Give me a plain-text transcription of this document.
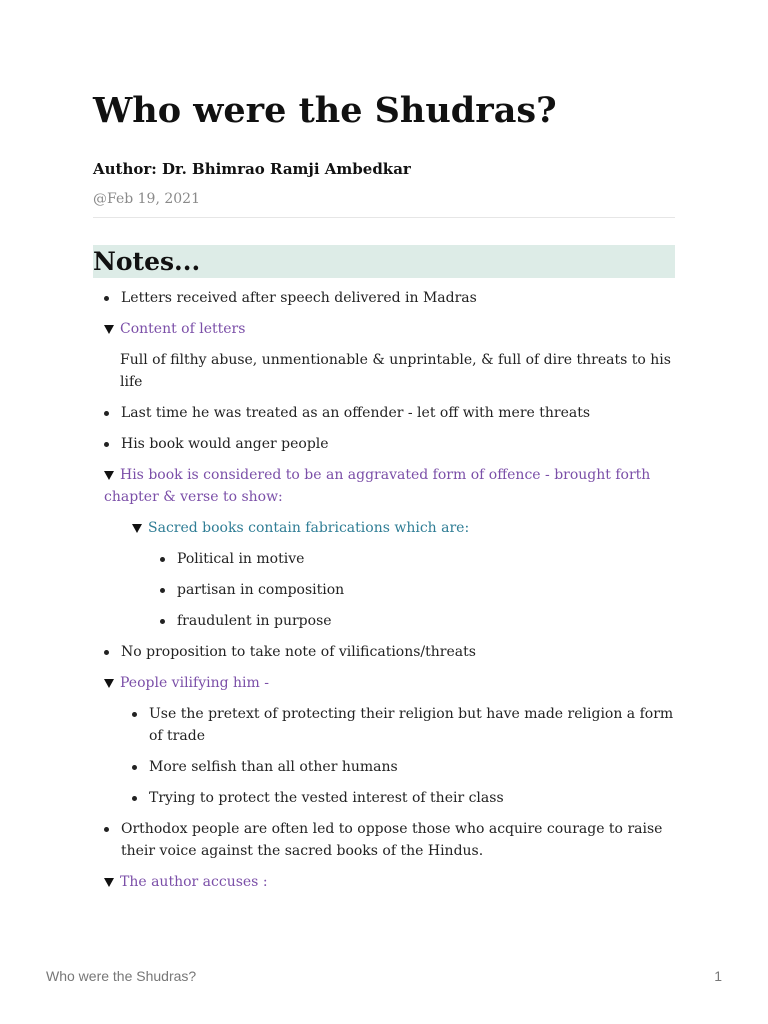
Who were the Shudras?
Author: Dr. Bhimrao Ramji Ambedkar
@Feb 19, 2021
Notes...
Letters received after speech delivered in Madras
Content of letters
Full of filthy abuse, unmentionable & unprintable, & full of dire threats to his life
Last time he was treated as an offender - let off with mere threats
His book would anger people
His book is considered to be an aggravated form of offence - brought forth chapter & verse to show:
Sacred books contain fabrications which are:
Political in motive
partisan in composition
fraudulent in purpose
No proposition to take note of vilifications/threats
People vilifying him -
Use the pretext of protecting their religion but have made religion a form of trade
More selfish than all other humans
Trying to protect the vested interest of their class
Orthodox people are often led to oppose those who acquire courage to raise their voice against the sacred books of the Hindus.
The author accuses :
Who were the Shudras?	1
